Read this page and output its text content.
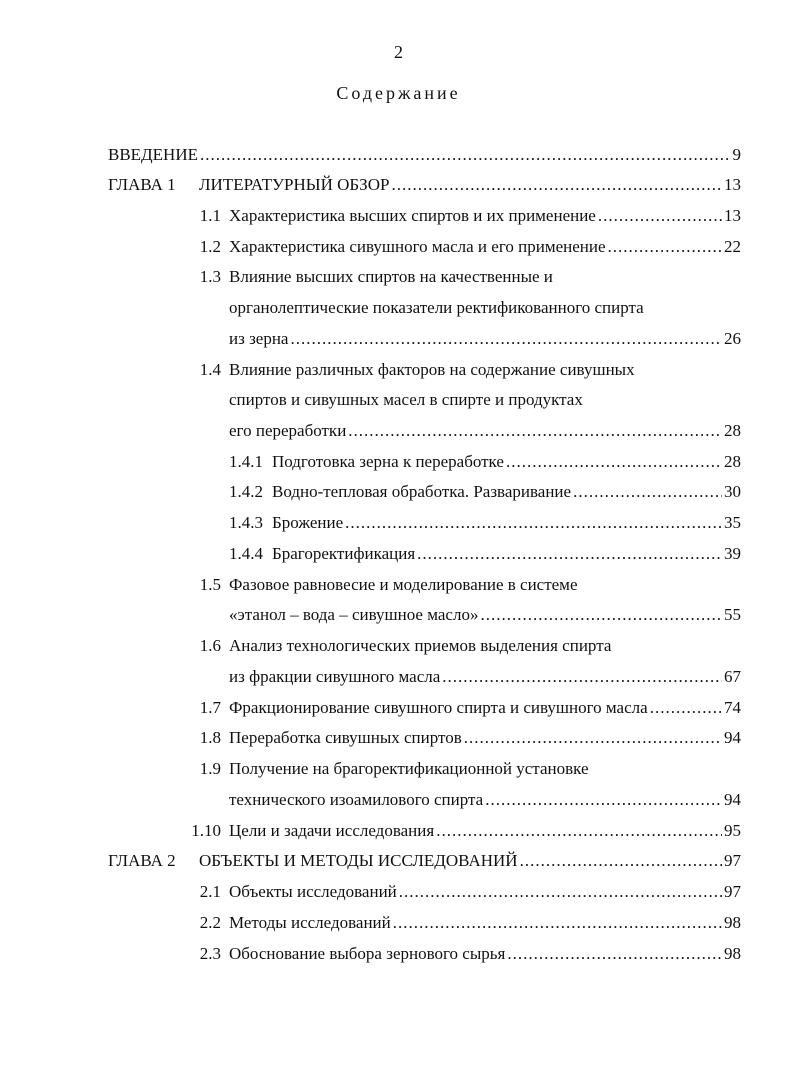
2
Содержание
ВВЕДЕНИЕ .....	9
ГЛАВА 1	ЛИТЕРАТУРНЫЙ ОБЗОР .....	13
1.1 Характеристика высших спиртов и их применение .....	13
1.2 Характеристика сивушного масла и его применение .....	22
1.3 Влияние высших спиртов на качественные и
органолептические показатели ректификованного спирта
из зерна .....	26
1.4 Влияние различных факторов на содержание сивушных
спиртов и сивушных масел в спирте и продуктах
его переработки .....	28
1.4.1 Подготовка зерна к переработке .....	28
1.4.2 Водно-тепловая обработка. Разваривание .....	30
1.4.3 Брожение .....	35
1.4.4 Брагоректификация .....	39
1.5 Фазовое равновесие и моделирование в системе
«этанол – вода – сивушное масло» .....	55
1.6 Анализ технологических приемов выделения спирта
из фракции сивушного масла .....	67
1.7 Фракционирование сивушного спирта и сивушного масла .....	74
1.8 Переработка сивушных спиртов .....	94
1.9 Получение на брагоректификационной установке
технического изоамилового спирта .....	94
1.10 Цели и задачи исследования .....	95
ГЛАВА 2	ОБЪЕКТЫ И МЕТОДЫ ИССЛЕДОВАНИЙ .....	97
2.1 Объекты исследований .....	97
2.2 Методы исследований .....	98
2.3 Обоснование выбора зернового сырья .....	98
